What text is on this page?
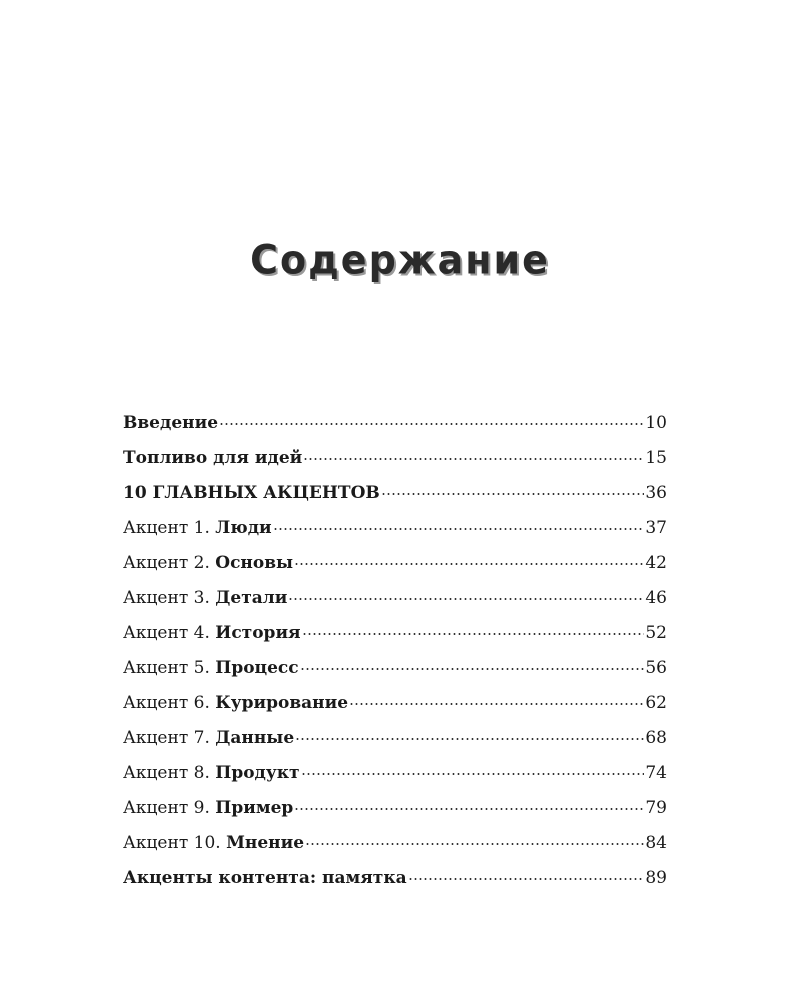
Содержание
Введение	10
Топливо для идей	15
10 ГЛАВНЫХ АКЦЕНТОВ	36
Акцент 1. Люди	37
Акцент 2. Основы	42
Акцент 3. Детали	46
Акцент 4. История	52
Акцент 5. Процесс	56
Акцент 6. Курирование	62
Акцент 7. Данные	68
Акцент 8. Продукт	74
Акцент 9. Пример	79
Акцент 10. Мнение	84
Акценты контента: памятка	89
